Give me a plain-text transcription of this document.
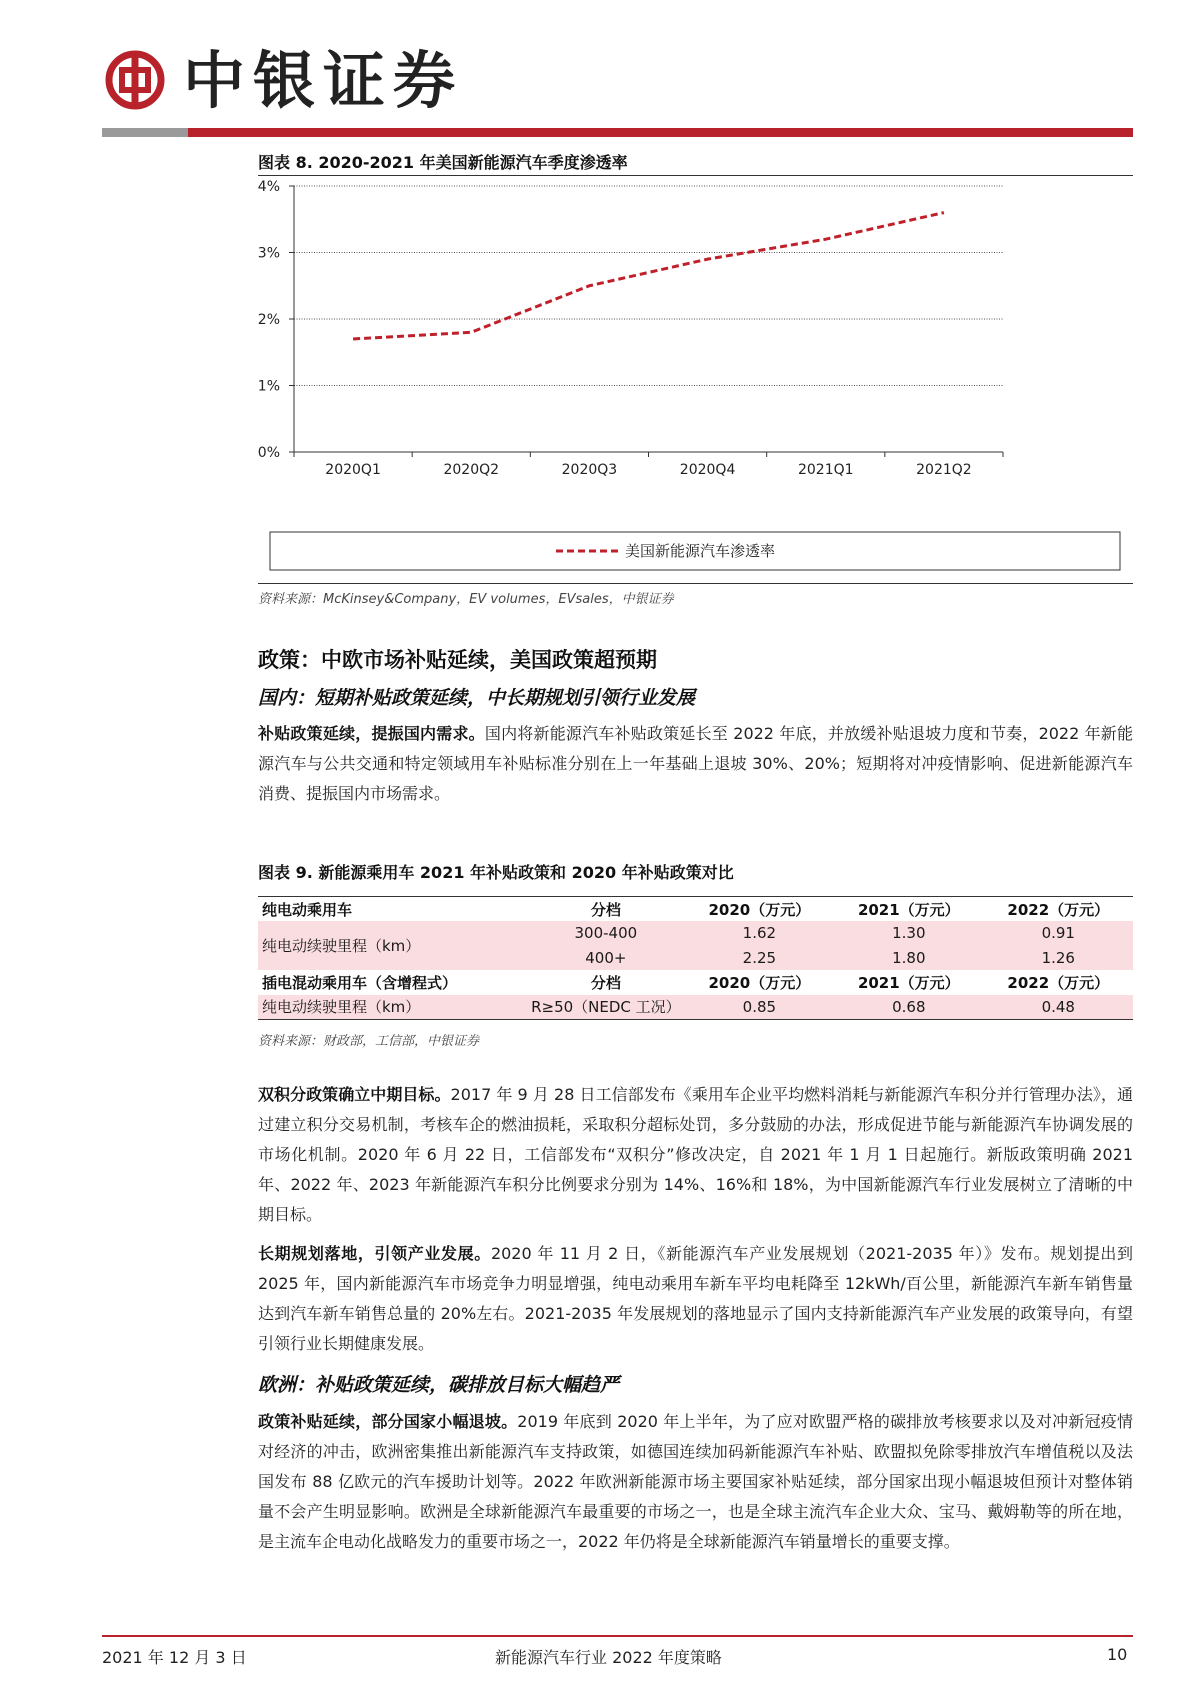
中银证券
图表 8. 2020-2021 年美国新能源汽车季度渗透率
0%
1%
2%
3%
4%
2020Q1	2020Q2	2020Q3	2020Q4	2021Q1	2021Q2
美国新能源汽车渗透率
资料来源：McKinsey&Company，EV volumes，EVsales，中银证券
政策：中欧市场补贴延续，美国政策超预期
国内：短期补贴政策延续，中长期规划引领行业发展
补贴政策延续，提振国内需求。国内将新能源汽车补贴政策延长至 2022 年底，并放缓补贴退坡力度和节奏，2022 年新能源汽车与公共交通和特定领域用车补贴标准分别在上一年基础上退坡 30%、20%；短期将对冲疫情影响、促进新能源汽车消费、提振国内市场需求。
图表 9. 新能源乘用车 2021 年补贴政策和 2020 年补贴政策对比
纯电动乘用车	分档	2020（万元）	2021（万元）	2022（万元）
纯电动续驶里程（km）	300-400	1.62	1.30	0.91
	400+	2.25	1.80	1.26
插电混动乘用车（含增程式）	分档	2020（万元）	2021（万元）	2022（万元）
纯电动续驶里程（km）	R≥50（NEDC 工况）	0.85	0.68	0.48
资料来源：财政部，工信部，中银证券
双积分政策确立中期目标。2017 年 9 月 28 日工信部发布《乘用车企业平均燃料消耗与新能源汽车积分并行管理办法》，通过建立积分交易机制，考核车企的燃油损耗，采取积分超标处罚，多分鼓励的办法，形成促进节能与新能源汽车协调发展的市场化机制。2020 年 6 月 22 日，工信部发布“双积分”修改决定，自 2021 年 1 月 1 日起施行。新版政策明确 2021 年、2022 年、2023 年新能源汽车积分比例要求分别为 14%、16%和 18%，为中国新能源汽车行业发展树立了清晰的中期目标。
长期规划落地，引领产业发展。2020 年 11 月 2 日，《新能源汽车产业发展规划（2021-2035 年）》发布。规划提出到 2025 年，国内新能源汽车市场竞争力明显增强，纯电动乘用车新车平均电耗降至 12kWh/百公里，新能源汽车新车销售量达到汽车新车销售总量的 20%左右。2021-2035 年发展规划的落地显示了国内支持新能源汽车产业发展的政策导向，有望引领行业长期健康发展。
欧洲：补贴政策延续，碳排放目标大幅趋严
政策补贴延续，部分国家小幅退坡。2019 年底到 2020 年上半年，为了应对欧盟严格的碳排放考核要求以及对冲新冠疫情对经济的冲击，欧洲密集推出新能源汽车支持政策，如德国连续加码新能源汽车补贴、欧盟拟免除零排放汽车增值税以及法国发布 88 亿欧元的汽车援助计划等。2022 年欧洲新能源市场主要国家补贴延续，部分国家出现小幅退坡但预计对整体销量不会产生明显影响。欧洲是全球新能源汽车最重要的市场之一，也是全球主流汽车企业大众、宝马、戴姆勒等的所在地，是主流车企电动化战略发力的重要市场之一，2022 年仍将是全球新能源汽车销量增长的重要支撑。
2021 年 12 月 3 日	新能源汽车行业 2022 年度策略	10
